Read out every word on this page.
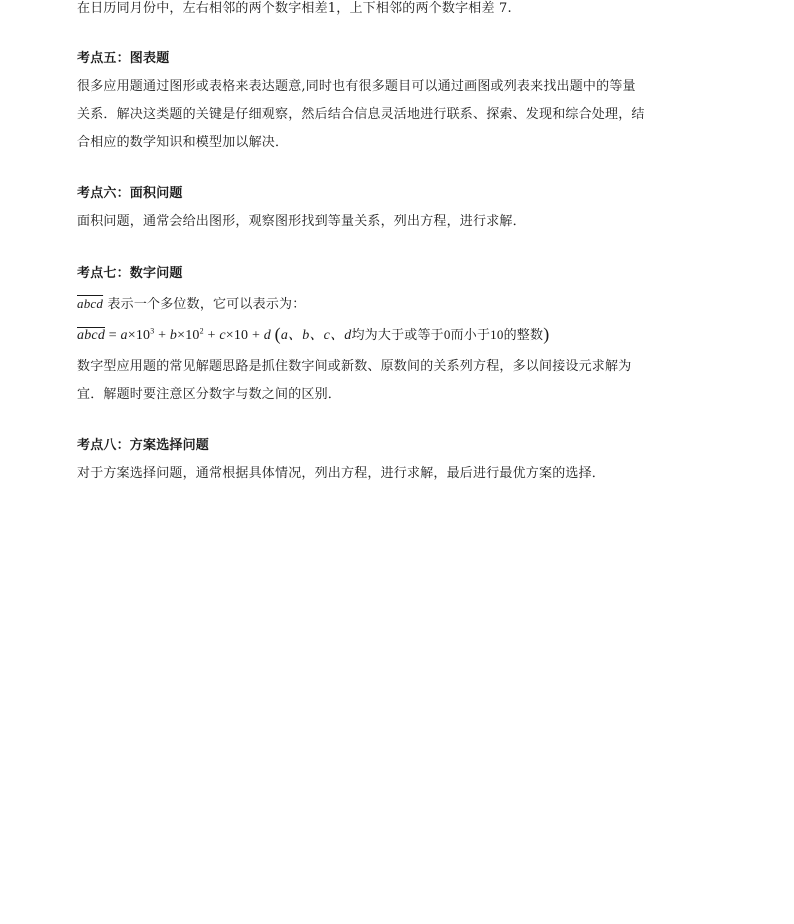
在日历同月份中，左右相邻的两个数字相差1，上下相邻的两个数字相差 7.
考点五：图表题
很多应用题通过图形或表格来表达题意,同时也有很多题目可以通过画图或列表来找出题中的等量
关系．解决这类题的关键是仔细观察，然后结合信息灵活地进行联系、探索、发现和综合处理，结
合相应的数学知识和模型加以解决．
考点六：面积问题
面积问题，通常会给出图形，观察图形找到等量关系，列出方程，进行求解．
考点七：数字问题
abcd 表示一个多位数，它可以表示为：
abcd = $a\times 10^3 + b\times 10^2 + c\times 10 + d$ (a、b、c、d均为大于或等于0而小于10的整数)
数字型应用题的常见解题思路是抓住数字间或新数、原数间的关系列方程，多以间接设元求解为
宜．解题时要注意区分数字与数之间的区别．
考点八：方案选择问题
对于方案选择问题，通常根据具体情况，列出方程，进行求解，最后进行最优方案的选择．
